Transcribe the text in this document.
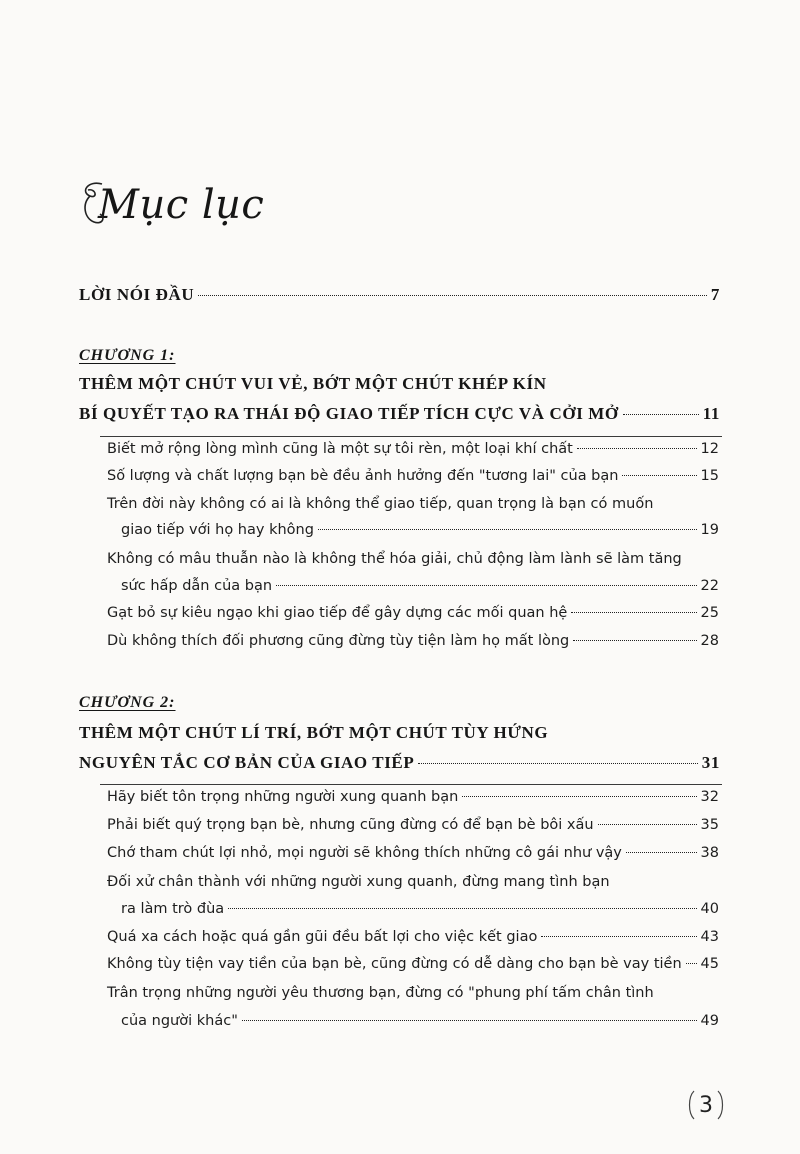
Mục lục
LỜI NÓI ĐẦU	7
CHƯƠNG 1:
THÊM MỘT CHÚT VUI VẺ, BỚT MỘT CHÚT KHÉP KÍN
BÍ QUYẾT TẠO RA THÁI ĐỘ GIAO TIẾP TÍCH CỰC VÀ CỞI MỞ	11
Biết mở rộng lòng mình cũng là một sự tôi rèn, một loại khí chất	12
Số lượng và chất lượng bạn bè đều ảnh hưởng đến "tương lai" của bạn	15
Trên đời này không có ai là không thể giao tiếp, quan trọng là bạn có muốn
giao tiếp với họ hay không	19
Không có mâu thuẫn nào là không thể hóa giải, chủ động làm lành sẽ làm tăng
sức hấp dẫn của bạn	22
Gạt bỏ sự kiêu ngạo khi giao tiếp để gây dựng các mối quan hệ	25
Dù không thích đối phương cũng đừng tùy tiện làm họ mất lòng	28
CHƯƠNG 2:
THÊM MỘT CHÚT LÍ TRÍ, BỚT MỘT CHÚT TÙY HỨNG
NGUYÊN TẮC CƠ BẢN CỦA GIAO TIẾP	31
Hãy biết tôn trọng những người xung quanh bạn	32
Phải biết quý trọng bạn bè, nhưng cũng đừng có để bạn bè bôi xấu	35
Chớ tham chút lợi nhỏ, mọi người sẽ không thích những cô gái như vậy	38
Đối xử chân thành với những người xung quanh, đừng mang tình bạn
ra làm trò đùa	40
Quá xa cách hoặc quá gần gũi đều bất lợi cho việc kết giao	43
Không tùy tiện vay tiền của bạn bè, cũng đừng có dễ dàng cho bạn bè vay tiền 45
Trân trọng những người yêu thương bạn, đừng có "phung phí tấm chân tình
của người khác"	49
3
